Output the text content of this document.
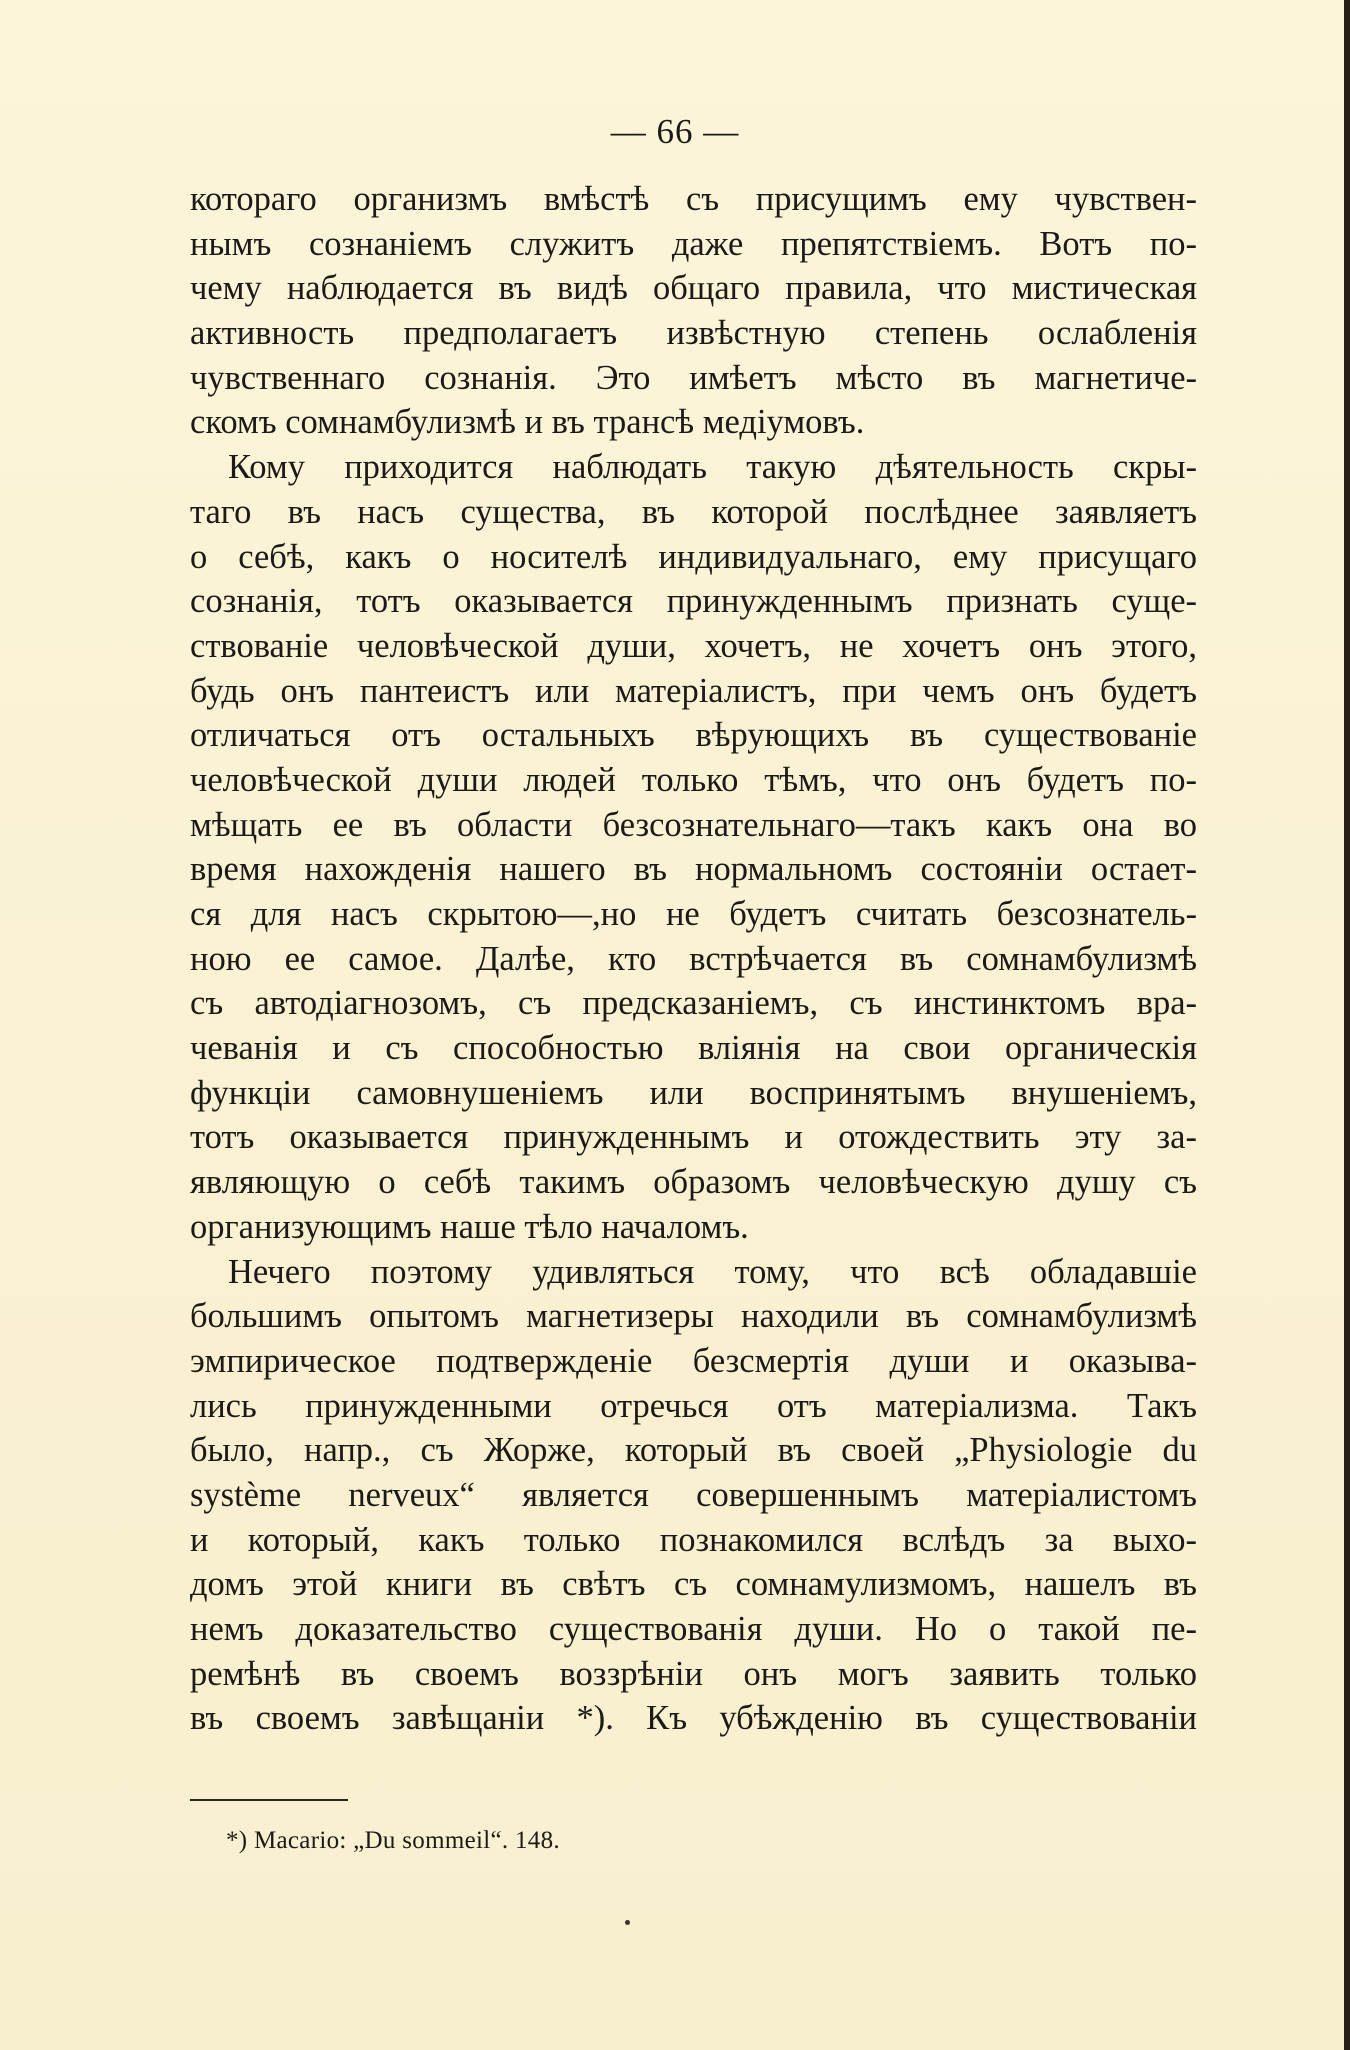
— 66 —
котораго организмъ вмѣстѣ съ присущимъ ему чувствен-
нымъ сознаніемъ служитъ даже препятствіемъ. Вотъ по-
чему наблюдается въ видѣ общаго правила, что мистическая
активность предполагаетъ извѣстную степень ослабленія
чувственнаго сознанія. Это имѣетъ мѣсто въ магнетиче-
скомъ сомнамбулизмѣ и въ трансѣ медіумовъ.
Кому приходится наблюдать такую дѣятельность скры-
таго въ насъ существа, въ которой послѣднее заявляетъ
о себѣ, какъ о носителѣ индивидуальнаго, ему присущаго
сознанія, тотъ оказывается принужденнымъ признать суще-
ствованіе человѣческой души, хочетъ, не хочетъ онъ этого,
будь онъ пантеистъ или матеріалистъ, при чемъ онъ будетъ
отличаться отъ остальныхъ вѣрующихъ въ существованіе
человѣческой души людей только тѣмъ, что онъ будетъ по-
мѣщать ее въ области безсознательнаго—такъ какъ она во
время нахожденія нашего въ нормальномъ состояніи остает-
ся для насъ скрытою—,но не будетъ считать безсознатель-
ною ее самое. Далѣе, кто встрѣчается въ сомнамбулизмѣ
съ автодіагнозомъ, съ предсказаніемъ, съ инстинктомъ вра-
чеванія и съ способностью вліянія на свои органическія
функціи самовнушеніемъ или воспринятымъ внушеніемъ,
тотъ оказывается принужденнымъ и отождествить эту за-
являющую о себѣ такимъ образомъ человѣческую душу съ
организующимъ наше тѣло началомъ.
Нечего поэтому удивляться тому, что всѣ обладавшіе
большимъ опытомъ магнетизеры находили въ сомнамбулизмѣ
эмпирическое подтвержденіе безсмертія души и оказыва-
лись принужденными отречься отъ матеріализма. Такъ
было, напр., съ Жорже, который въ своей „Physiologie du
système nerveux“ является совершеннымъ матеріалистомъ
и который, какъ только познакомился вслѣдъ за выхо-
домъ этой книги въ свѣтъ съ сомнамулизмомъ, нашелъ въ
немъ доказательство существованія души. Но о такой пе-
ремѣнѣ въ своемъ воззрѣніи онъ могъ заявить только
въ своемъ завѣщаніи *). Къ убѣжденію въ существованіи
*) Macario: „Du sommeil“. 148.
